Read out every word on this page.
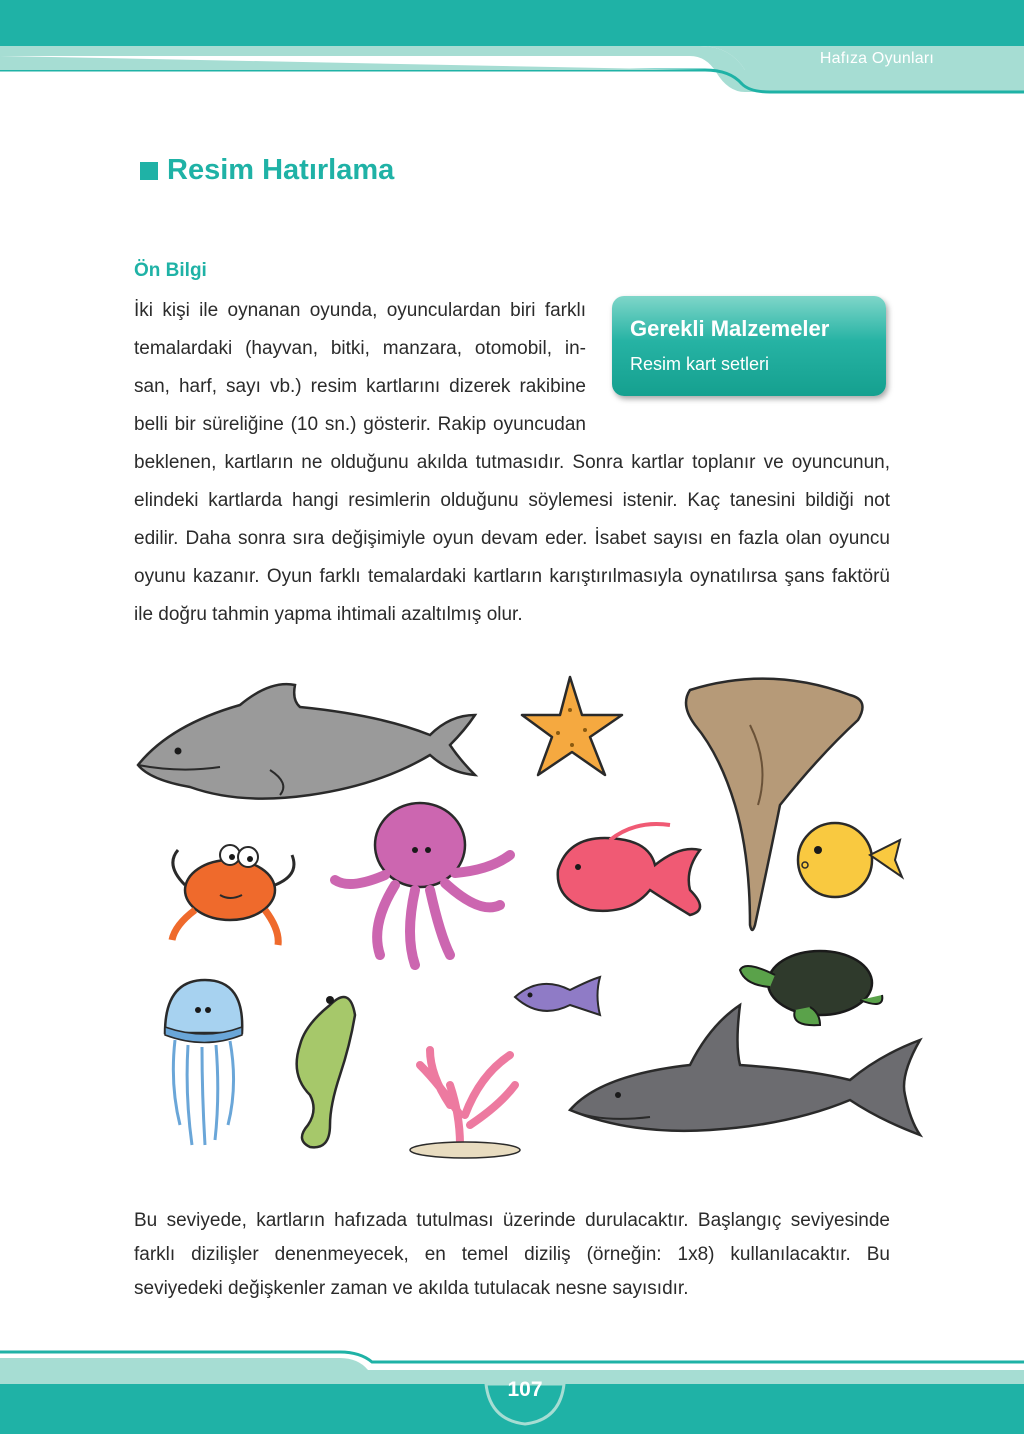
Hafıza Oyunları
Resim Hatırlama
Ön Bilgi
İki kişi ile oynanan oyunda, oyunculardan biri farklı
temalardaki (hayvan, bitki, manzara, otomobil, in-
san, harf, sayı vb.) resim kartlarını dizerek rakibine
belli bir süreliğine (10 sn.) gösterir. Rakip oyuncudan
Gerekli Malzemeler
Resim kart setleri
beklenen, kartların ne olduğunu akılda tutmasıdır. Sonra kartlar toplanır ve oyuncunun,
elindeki kartlarda hangi resimlerin olduğunu söylemesi istenir. Kaç tanesini bildiği not
edilir. Daha sonra sıra değişimiyle oyun devam eder. İsabet sayısı en fazla olan oyuncu
oyunu kazanır. Oyun farklı temalardaki kartların karıştırılmasıyla oynatılırsa şans faktörü
ile doğru tahmin yapma ihtimali azaltılmış olur.
Bu seviyede, kartların hafızada tutulması üzerinde durulacaktır. Başlangıç seviyesinde
farklı dizilişler denenmeyecek, en temel diziliş (örneğin: 1x8) kullanılacaktır. Bu
seviyedeki değişkenler zaman ve akılda tutulacak nesne sayısıdır.
107
